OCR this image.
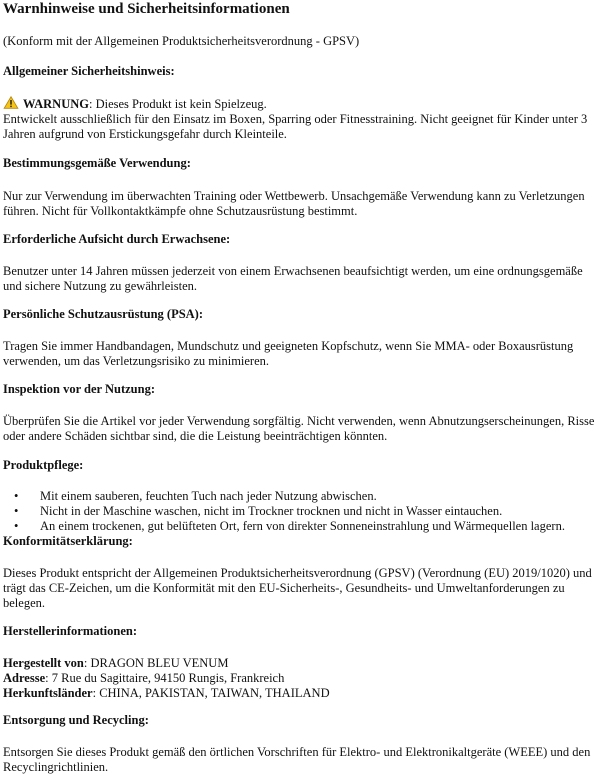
Warnhinweise und Sicherheitsinformationen

(Konform mit der Allgemeinen Produktsicherheitsverordnung - GPSV)

Allgemeiner Sicherheitshinweis:

WARNUNG: Dieses Produkt ist kein Spielzeug.

Entwickelt ausschließlich für den Einsatz im Boxen, Sparring oder Fitnesstraining. Nicht geeignet für Kinder unter 3 Jahren aufgrund von Erstickungsgefahr durch Kleinteile.

Bestimmungsgemäße Verwendung:

Nur zur Verwendung im überwachten Training oder Wettbewerb. Unsachgemäße Verwendung kann zu Verletzungen führen. Nicht für Vollkontaktkämpfe ohne Schutzausrüstung bestimmt.

Erforderliche Aufsicht durch Erwachsene:

Benutzer unter 14 Jahren müssen jederzeit von einem Erwachsenen beaufsichtigt werden, um eine ordnungsgemäße und sichere Nutzung zu gewährleisten.

Persönliche Schutzausrüstung (PSA):

Tragen Sie immer Handbandagen, Mundschutz und geeigneten Kopfschutz, wenn Sie MMA- oder Boxausrüstung verwenden, um das Verletzungsrisiko zu minimieren.

Inspektion vor der Nutzung:

Überprüfen Sie die Artikel vor jeder Verwendung sorgfältig. Nicht verwenden, wenn Abnutzungserscheinungen, Risse oder andere Schäden sichtbar sind, die die Leistung beeinträchtigen könnten.

Produktpflege:
• Mit einem sauberen, feuchten Tuch nach jeder Nutzung abwischen.
• Nicht in der Maschine waschen, nicht im Trockner trocknen und nicht in Wasser eintauchen.
• An einem trockenen, gut belüfteten Ort, fern von direkter Sonneneinstrahlung und Wärmequellen lagern.
Konformitätserklärung:

Dieses Produkt entspricht der Allgemeinen Produktsicherheitsverordnung (GPSV) (Verordnung (EU) 2019/1020) und trägt das CE-Zeichen, um die Konformität mit den EU-Sicherheits-, Gesundheits- und Umweltanforderungen zu belegen.

Herstellerinformationen:

Hergestellt von: DRAGON BLEU VENUM

Adresse: 7 Rue du Sagittaire, 94150 Rungis, Frankreich

Herkunftsländer: CHINA, PAKISTAN, TAIWAN, THAILAND

Entsorgung und Recycling:

Entsorgen Sie dieses Produkt gemäß den örtlichen Vorschriften für Elektro- und Elektronikaltgeräte (WEEE) und den Recyclingrichtlinien.
